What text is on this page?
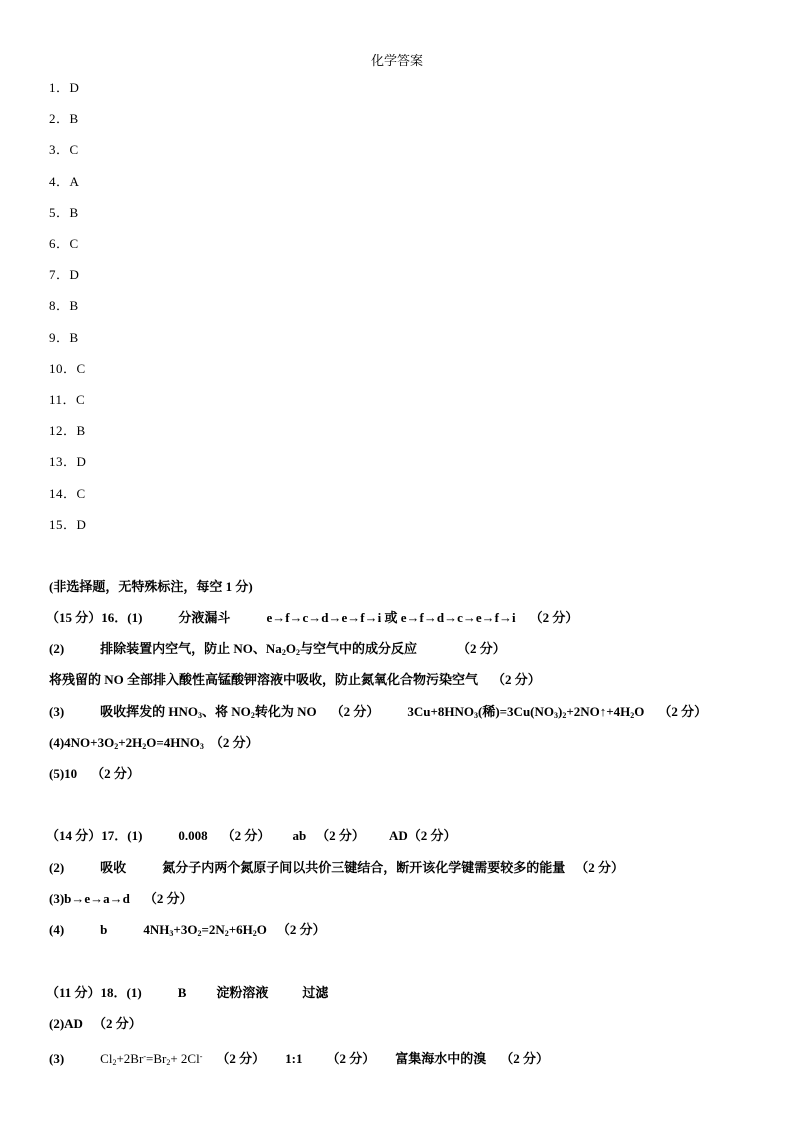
化学答案
1．D
2．B
3．C
4．A
5．B
6．C
7．D
8．B
9．B
10．C
11．C
12．B
13．D
14．C
15．D
(非选择题，无特殊标注，每空 1 分)
（15 分）16．(1)	分液漏斗	e→f→c→d→e→f→i 或 e→f→d→c→e→f→i （2 分）
(2)	排除装置内空气，防止 NO、$Na_2O_2$与空气中的成分反应	（2 分）
将残留的 NO 全部排入酸性高锰酸钾溶液中吸收，防止氮氧化合物污染空气 （2 分）
(3)	吸收挥发的 $HNO_3$、将 $NO_2$转化为 NO （2 分） $3Cu+8HNO_3$(稀)$=3Cu(NO_3)_2+2NO↑+4H_2O$ （2 分）
$(4)4NO+3O_2+2H_2O=4HNO_3$ （2 分）
(5)10 （2 分）
（14 分）17．(1)	0.008 （2 分） ab （2 分） AD（2 分）
(2)	吸收	氮分子内两个氮原子间以共价三键结合，断开该化学键需要较多的能量 （2 分）
(3)b→e→a→d （2 分）
(4)	b	$4NH_3+3O_2=2N_2+6H_2O$ （2 分）
（11 分）18．(1)	B 淀粉溶液	过滤
(2)AD （2 分）
(3)	$Cl_2+2Br^-=Br_2+ 2Cl^-$ （2 分） 1:1 （2 分） 富集海水中的溴 （2 分）
